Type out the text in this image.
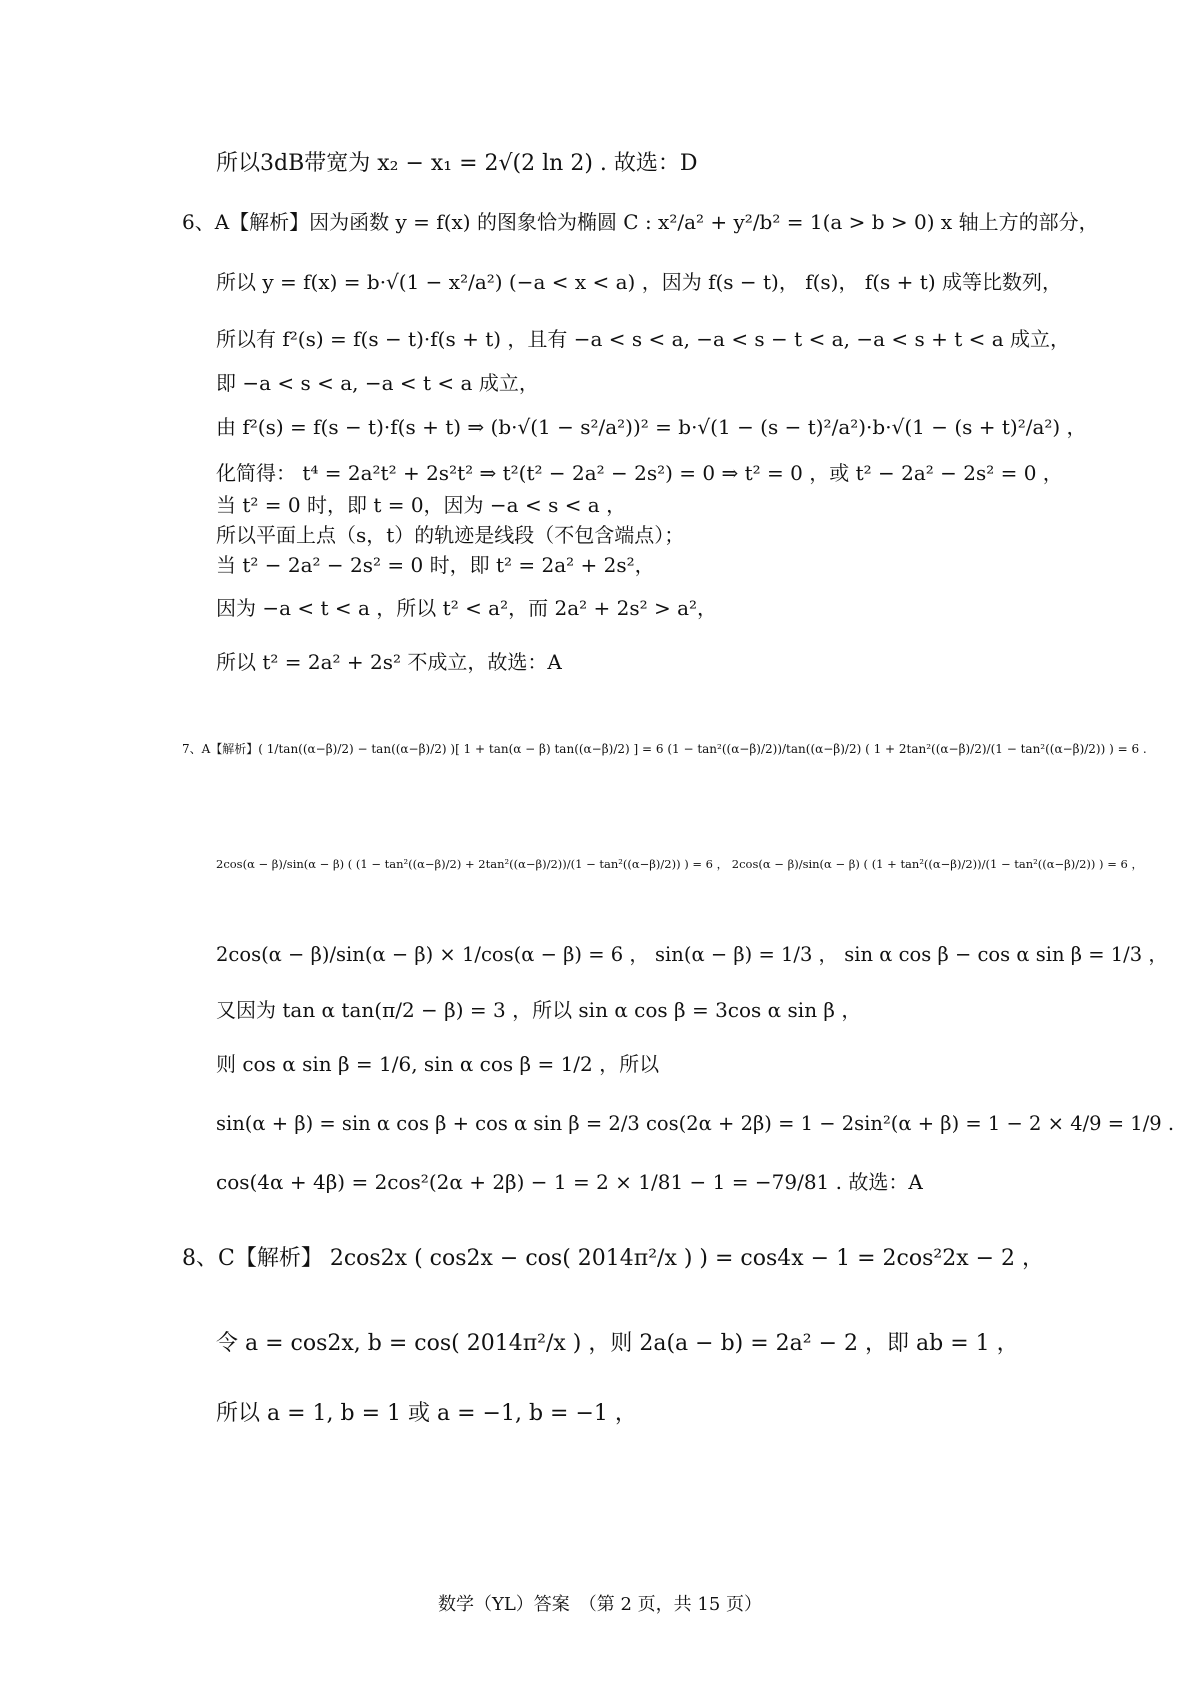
所以3dB带宽为 x₂ − x₁ = 2√(2 ln 2) . 故选：D
6、A【解析】因为函数 y = f(x) 的图象恰为椭圆 C : x²/a² + y²/b² = 1(a > b > 0) x 轴上方的部分，
所以 y = f(x) = b·√(1 − x²/a²) (−a < x < a) ，因为 f(s − t)， f(s)， f(s + t) 成等比数列，
所以有 f²(s) = f(s − t)·f(s + t) ，且有 −a < s < a, −a < s − t < a, −a < s + t < a 成立，
即 −a < s < a, −a < t < a 成立，
由 f²(s) = f(s − t)·f(s + t) ⇒ (b·√(1 − s²/a²))² = b·√(1 − (s − t)²/a²)·b·√(1 − (s + t)²/a²) ，
化简得： t⁴ = 2a²t² + 2s²t² ⇒ t²(t² − 2a² − 2s²) = 0 ⇒ t² = 0 ，或 t² − 2a² − 2s² = 0 ，
当 t² = 0 时，即 t = 0，因为 −a < s < a ，
所以平面上点（s，t）的轨迹是线段（不包含端点）；
当 t² − 2a² − 2s² = 0 时，即 t² = 2a² + 2s²，
因为 −a < t < a ，所以 t² < a²，而 2a² + 2s² > a²，
所以 t² = 2a² + 2s² 不成立，故选：A
7、A【解析】( 1/tan((α−β)/2) − tan((α−β)/2) )[ 1 + tan(α − β) tan((α−β)/2) ] = 6 (1 − tan²((α−β)/2))/tan((α−β)/2) ( 1 + 2tan²((α−β)/2)/(1 − tan²((α−β)/2)) ) = 6 .
2cos(α − β)/sin(α − β) ( (1 − tan²((α−β)/2) + 2tan²((α−β)/2))/(1 − tan²((α−β)/2)) ) = 6 ， 2cos(α − β)/sin(α − β) ( (1 + tan²((α−β)/2))/(1 − tan²((α−β)/2)) ) = 6 ，
2cos(α − β)/sin(α − β) × 1/cos(α − β) = 6 ， sin(α − β) = 1/3 ， sin α cos β − cos α sin β = 1/3 ，
又因为 tan α tan(π/2 − β) = 3 ，所以 sin α cos β = 3cos α sin β ，
则 cos α sin β = 1/6, sin α cos β = 1/2 ，所以
sin(α + β) = sin α cos β + cos α sin β = 2/3 cos(2α + 2β) = 1 − 2sin²(α + β) = 1 − 2 × 4/9 = 1/9 .
cos(4α + 4β) = 2cos²(2α + 2β) − 1 = 2 × 1/81 − 1 = −79/81 . 故选：A
8、C【解析】 2cos2x ( cos2x − cos( 2014π²/x ) ) = cos4x − 1 = 2cos²2x − 2 ，
令 a = cos2x, b = cos( 2014π²/x ) ，则 2a(a − b) = 2a² − 2 ，即 ab = 1 ，
所以 a = 1, b = 1 或 a = −1, b = −1 ，
数学（YL）答案　（第 2 页，共 15 页）
